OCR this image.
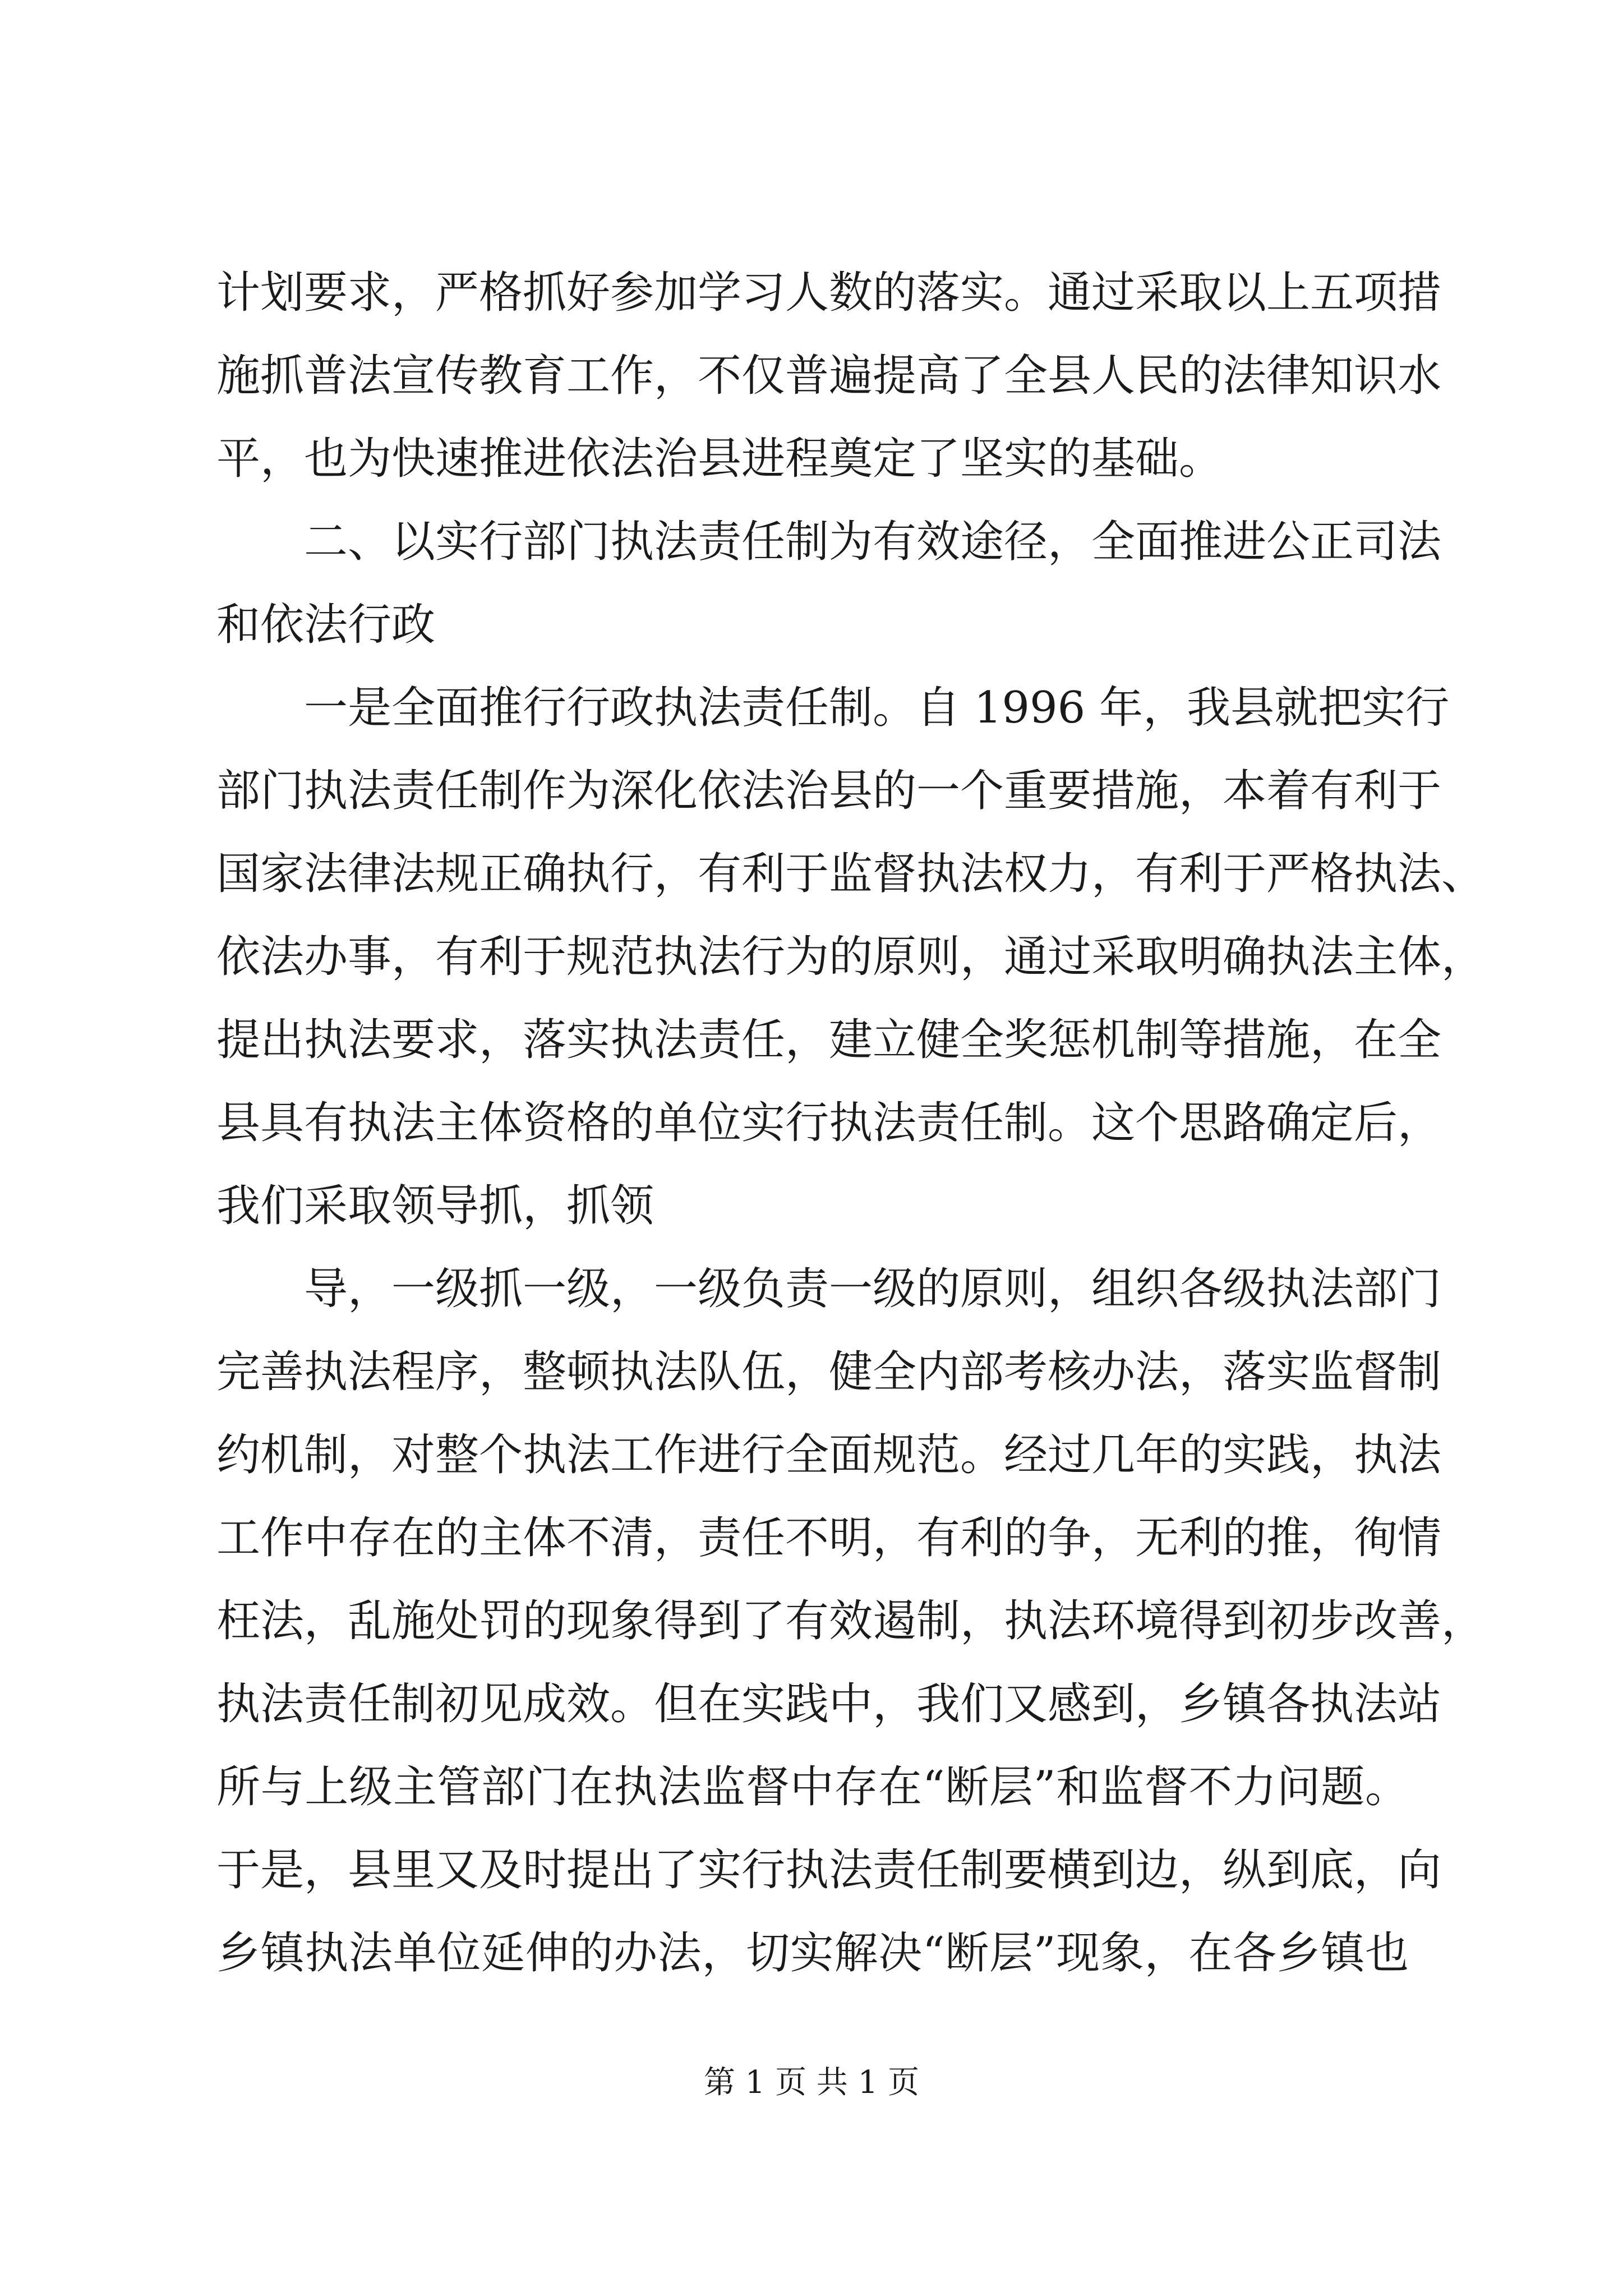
计划要求，严格抓好参加学习人数的落实。通过采取以上五项措
施抓普法宣传教育工作，不仅普遍提高了全县人民的法律知识水
平，也为快速推进依法治县进程奠定了坚实的基础。
二、以实行部门执法责任制为有效途径，全面推进公正司法
和依法行政
一是全面推行行政执法责任制。自 1996 年，我县就把实行
部门执法责任制作为深化依法治县的一个重要措施，本着有利于
国家法律法规正确执行，有利于监督执法权力，有利于严格执法、
依法办事，有利于规范执法行为的原则，通过采取明确执法主体，
提出执法要求，落实执法责任，建立健全奖惩机制等措施，在全
县具有执法主体资格的单位实行执法责任制。这个思路确定后，
我们采取领导抓，抓领
导，一级抓一级，一级负责一级的原则，组织各级执法部门
完善执法程序，整顿执法队伍，健全内部考核办法，落实监督制
约机制，对整个执法工作进行全面规范。经过几年的实践，执法
工作中存在的主体不清，责任不明，有利的争，无利的推，徇情
枉法，乱施处罚的现象得到了有效遏制，执法环境得到初步改善，
执法责任制初见成效。但在实践中，我们又感到，乡镇各执法站
所与上级主管部门在执法监督中存在“断层”和监督不力问题。
于是，县里又及时提出了实行执法责任制要横到边，纵到底，向
乡镇执法单位延伸的办法，切实解决“断层”现象，在各乡镇也
第 1 页 共 1 页
